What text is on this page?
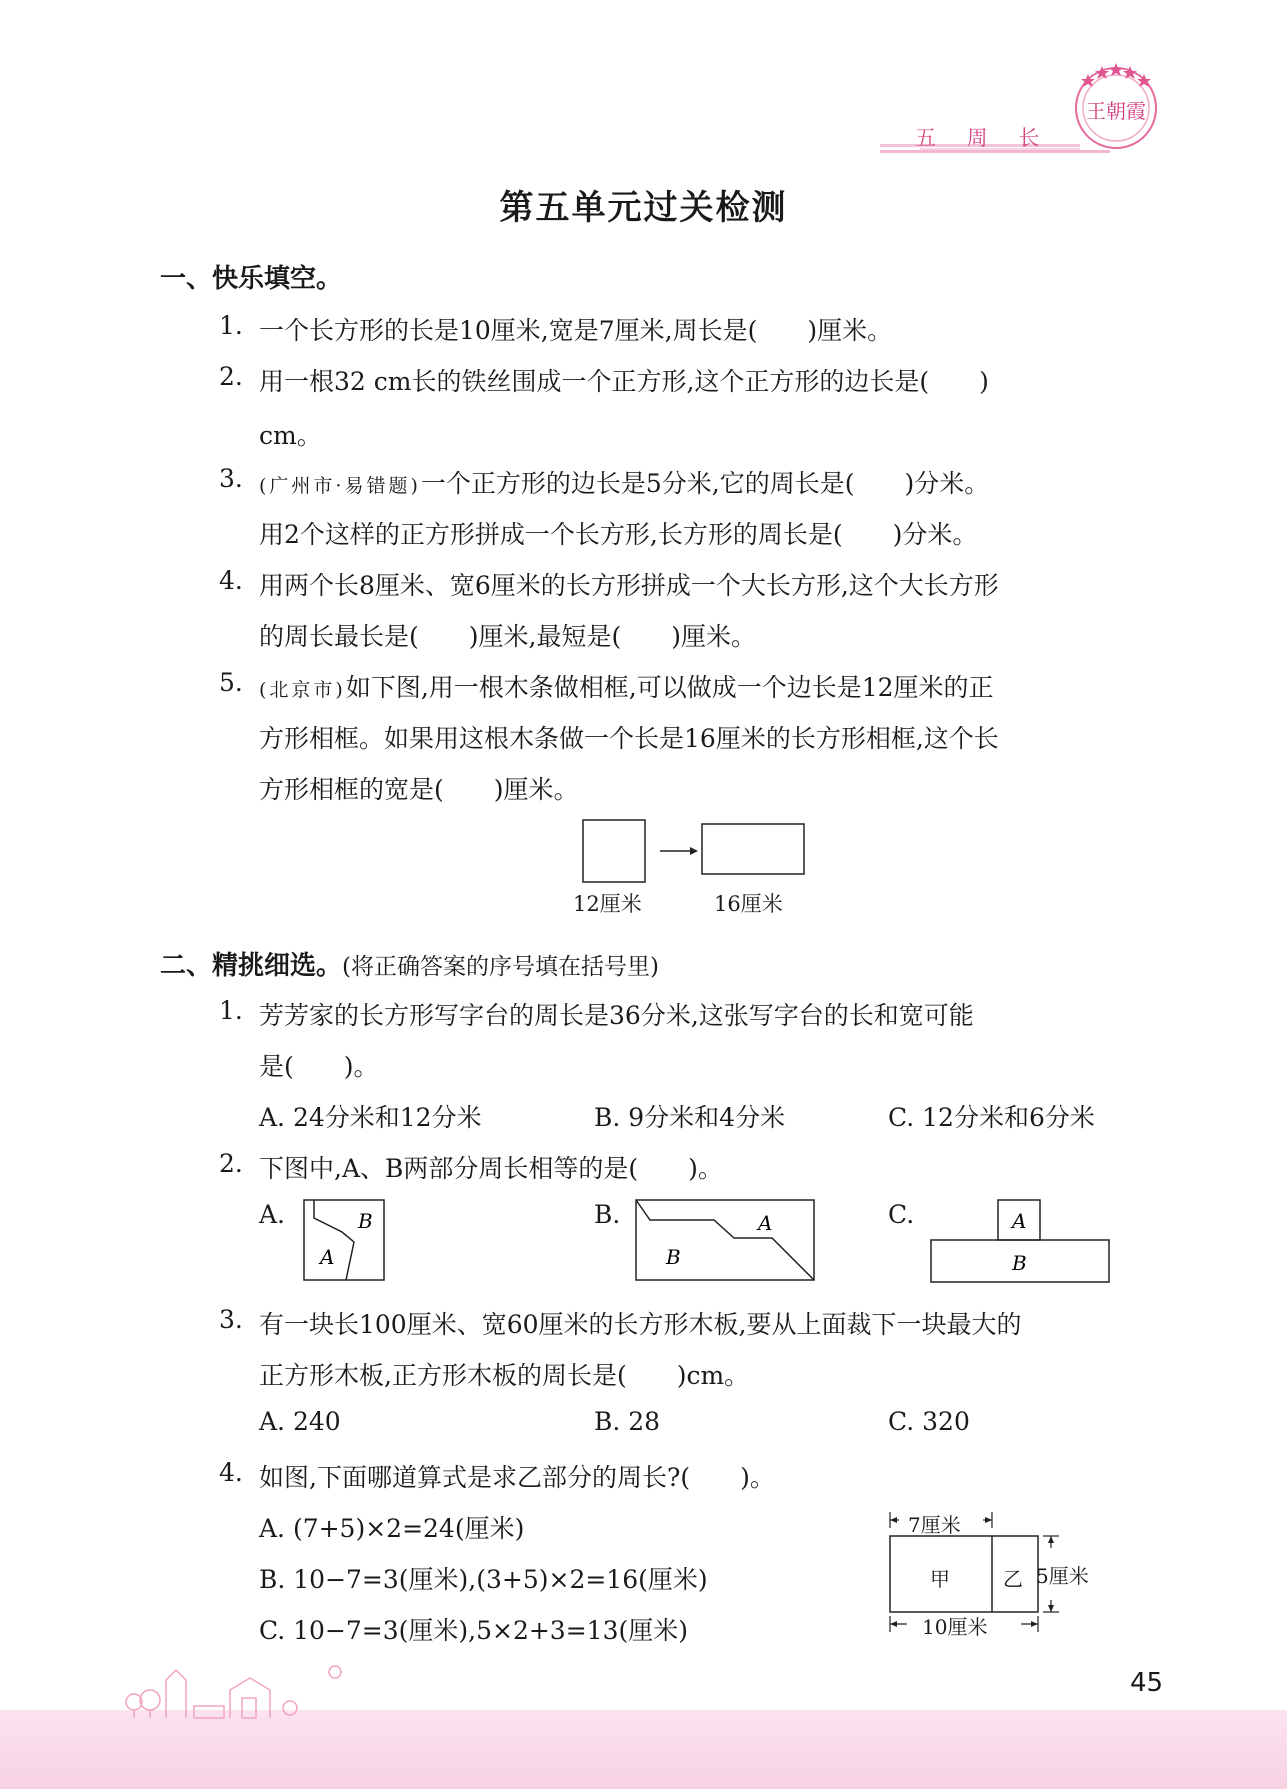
五 周 长
王朝霞
第五单元过关检测
一、快乐填空。
1. 一个长方形的长是10厘米,宽是7厘米,周长是(　　)厘米。
2. 用一根32 cm长的铁丝围成一个正方形,这个正方形的边长是(　　)
cm。
3. (广州市·易错题)一个正方形的边长是5分米,它的周长是(　　)分米。
用2个这样的正方形拼成一个长方形,长方形的周长是(　　)分米。
4. 用两个长8厘米、宽6厘米的长方形拼成一个大长方形,这个大长方形
的周长最长是(　　)厘米,最短是(　　)厘米。
5. (北京市)如下图,用一根木条做相框,可以做成一个边长是12厘米的正
方形相框。如果用这根木条做一个长是16厘米的长方形相框,这个长
方形相框的宽是(　　)厘米。
12厘米	16厘米
二、精挑细选。(将正确答案的序号填在括号里)
1. 芳芳家的长方形写字台的周长是36分米,这张写字台的长和宽可能
是(　　)。
A. 24分米和12分米	B. 9分米和4分米	C. 12分米和6分米
2. 下图中,A、B两部分周长相等的是(　　)。
A.	B.	C.
B
A
A
B
A
B
3. 有一块长100厘米、宽60厘米的长方形木板,要从上面裁下一块最大的
正方形木板,正方形木板的周长是(　　)cm。
A. 240	B. 28	C. 320
4. 如图,下面哪道算式是求乙部分的周长?(　　)。
A. (7+5)×2=24(厘米)
B. 10−7=3(厘米),(3+5)×2=16(厘米)
C. 10−7=3(厘米),5×2+3=13(厘米)
7厘米
5厘米
10厘米
甲	乙
45
